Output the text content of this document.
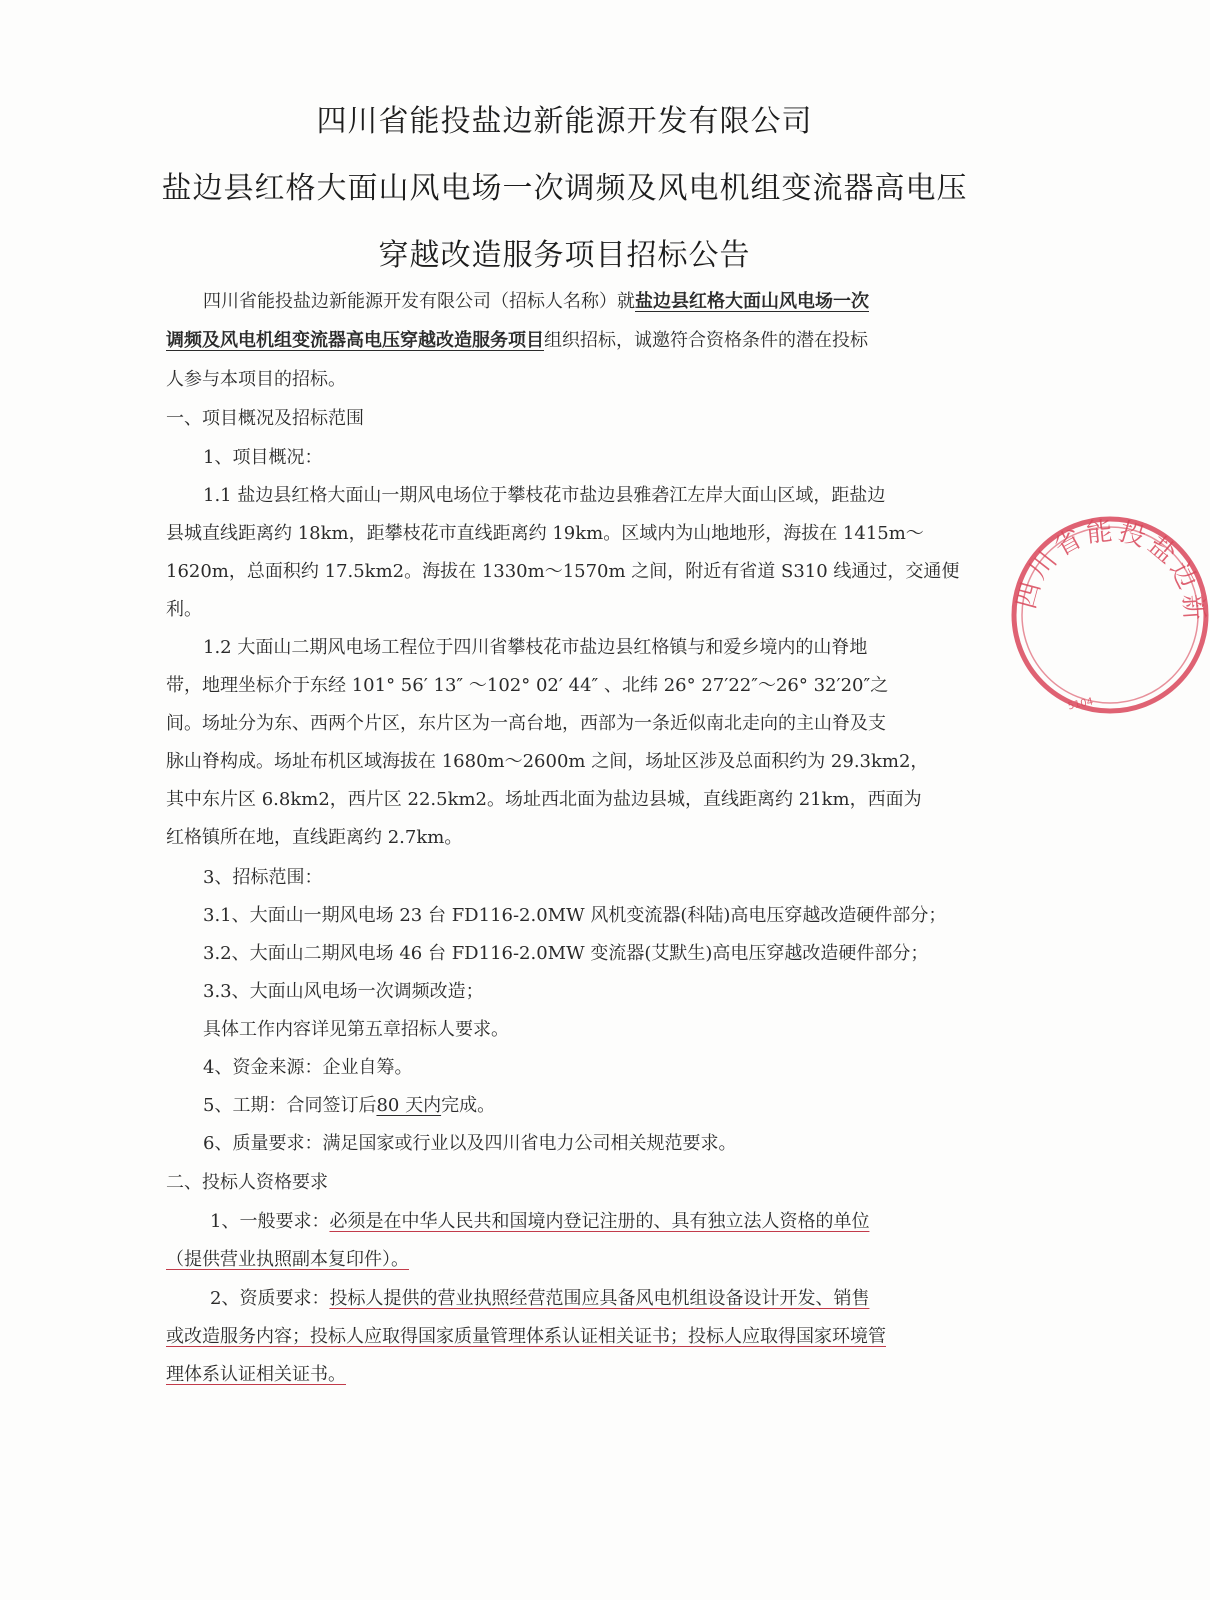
四川省能投盐边新能源开发有限公司
盐边县红格大面山风电场一次调频及风电机组变流器高电压
穿越改造服务项目招标公告
四川省能投盐边新能源开发有限公司（招标人名称）就盐边县红格大面山风电场一次
调频及风电机组变流器高电压穿越改造服务项目组织招标，诚邀符合资格条件的潜在投标
人参与本项目的招标。
一、项目概况及招标范围
1、项目概况：
1.1 盐边县红格大面山一期风电场位于攀枝花市盐边县雅砻江左岸大面山区域，距盐边
县城直线距离约 18km，距攀枝花市直线距离约 19km。区域内为山地地形，海拔在 1415m～
1620m，总面积约 17.5km2。海拔在 1330m～1570m 之间，附近有省道 S310 线通过，交通便
利。
1.2 大面山二期风电场工程位于四川省攀枝花市盐边县红格镇与和爱乡境内的山脊地
带，地理坐标介于东经 101° 56′ 13″ ～102° 02′ 44″ 、北纬 26° 27′22″～26° 32′20″之
间。场址分为东、西两个片区，东片区为一高台地，西部为一条近似南北走向的主山脊及支
脉山脊构成。场址布机区域海拔在 1680m～2600m 之间，场址区涉及总面积约为 29.3km2，
其中东片区 6.8km2，西片区 22.5km2。场址西北面为盐边县城，直线距离约 21km，西面为
红格镇所在地，直线距离约 2.7km。
3、招标范围：
3.1、大面山一期风电场 23 台 FD116-2.0MW 风机变流器(科陆)高电压穿越改造硬件部分；
3.2、大面山二期风电场 46 台 FD116-2.0MW 变流器(艾默生)高电压穿越改造硬件部分；
3.3、大面山风电场一次调频改造；
具体工作内容详见第五章招标人要求。
4、资金来源：企业自筹。
5、工期：合同签订后80 天内完成。
6、质量要求：满足国家或行业以及四川省电力公司相关规范要求。
二、投标人资格要求
1、一般要求：必须是在中华人民共和国境内登记注册的、具有独立法人资格的单位
（提供营业执照副本复印件）。
2、资质要求：投标人提供的营业执照经营范围应具备风电机组设备设计开发、销售
或改造服务内容；投标人应取得国家质量管理体系认证相关证书；投标人应取得国家环境管
理体系认证相关证书。
四川省能投盐边新
5104
